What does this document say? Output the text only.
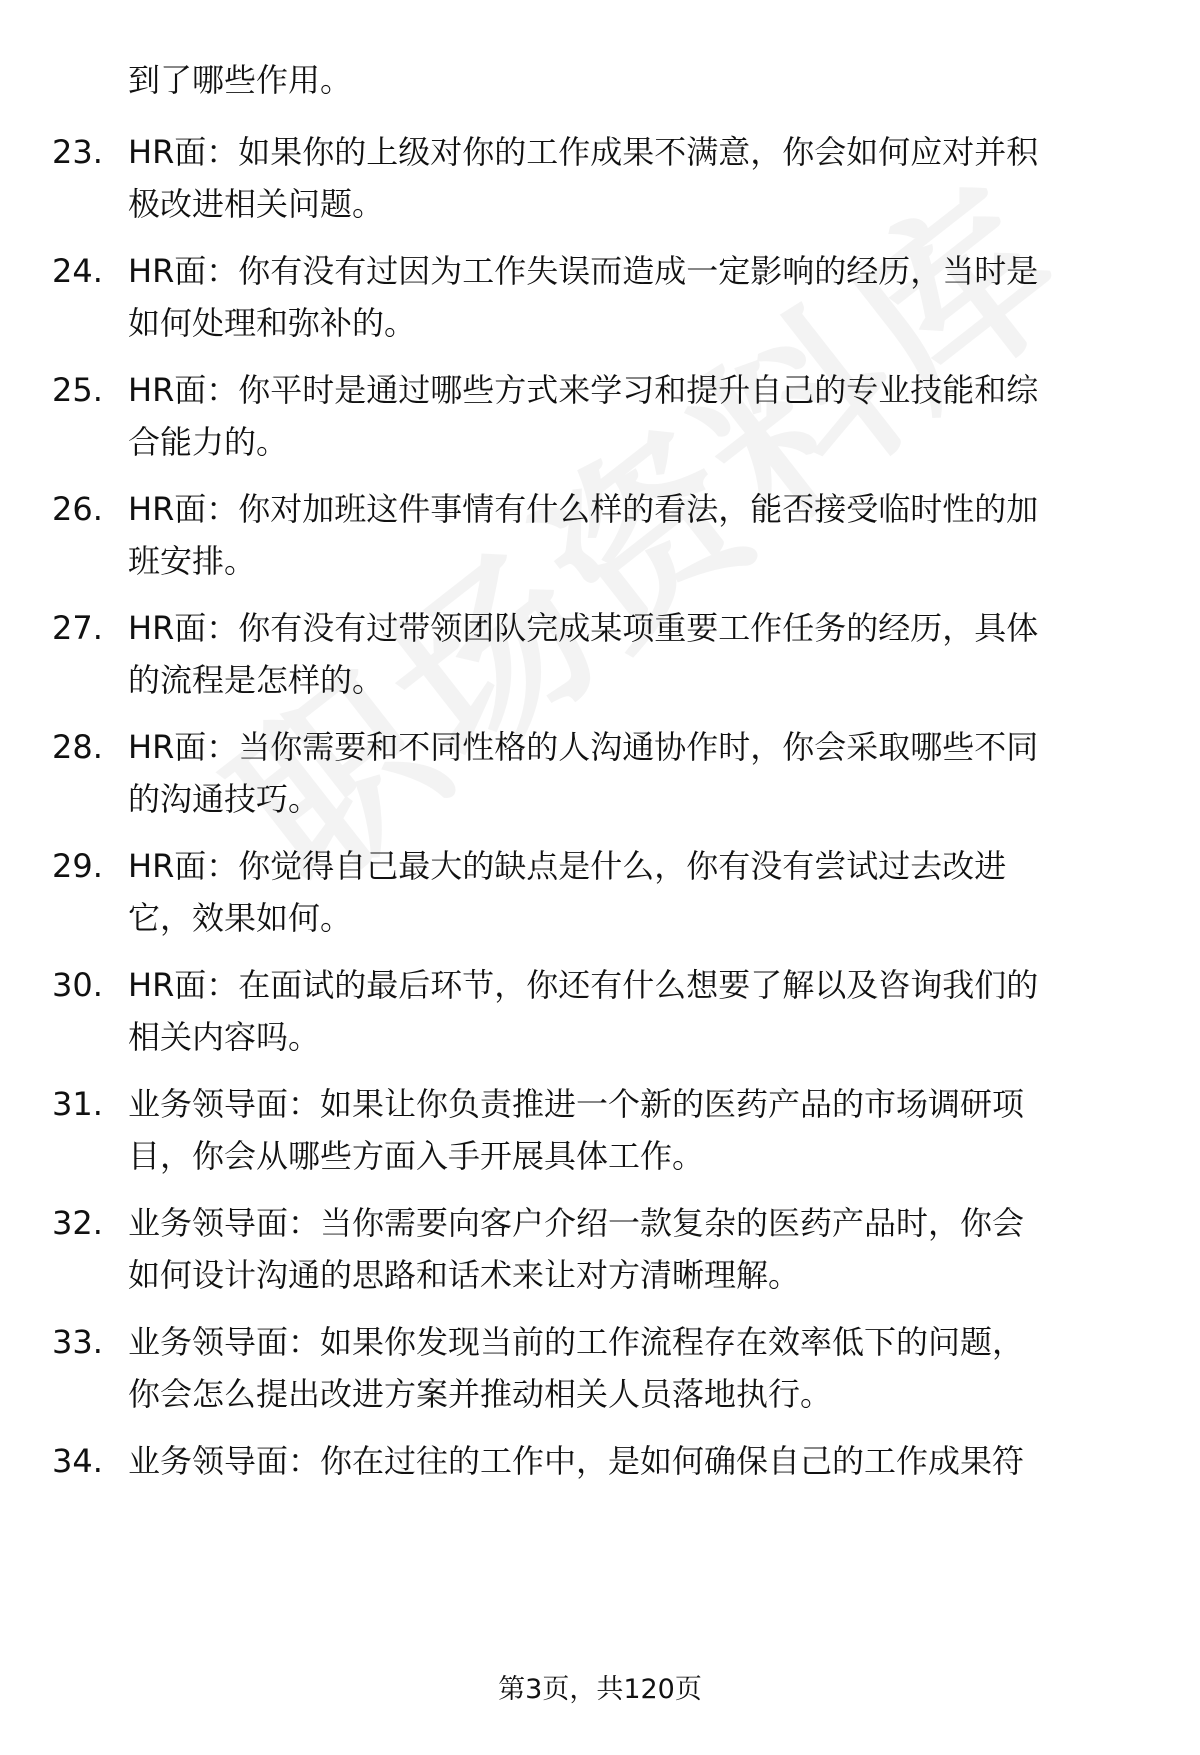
到了哪些作用。
23. HR面：如果你的上级对你的工作成果不满意，你会如何应对并积
极改进相关问题。
24. HR面：你有没有过因为工作失误而造成一定影响的经历，当时是
如何处理和弥补的。
25. HR面：你平时是通过哪些方式来学习和提升自己的专业技能和综
合能力的。
26. HR面：你对加班这件事情有什么样的看法，能否接受临时性的加
班安排。
27. HR面：你有没有过带领团队完成某项重要工作任务的经历，具体
的流程是怎样的。
28. HR面：当你需要和不同性格的人沟通协作时，你会采取哪些不同
的沟通技巧。
29. HR面：你觉得自己最大的缺点是什么，你有没有尝试过去改进
它，效果如何。
30. HR面：在面试的最后环节，你还有什么想要了解以及咨询我们的
相关内容吗。
31. 业务领导面：如果让你负责推进一个新的医药产品的市场调研项
目，你会从哪些方面入手开展具体工作。
32. 业务领导面：当你需要向客户介绍一款复杂的医药产品时，你会
如何设计沟通的思路和话术来让对方清晰理解。
33. 业务领导面：如果你发现当前的工作流程存在效率低下的问题，
你会怎么提出改进方案并推动相关人员落地执行。
34. 业务领导面：你在过往的工作中，是如何确保自己的工作成果符
第3页，共120页
